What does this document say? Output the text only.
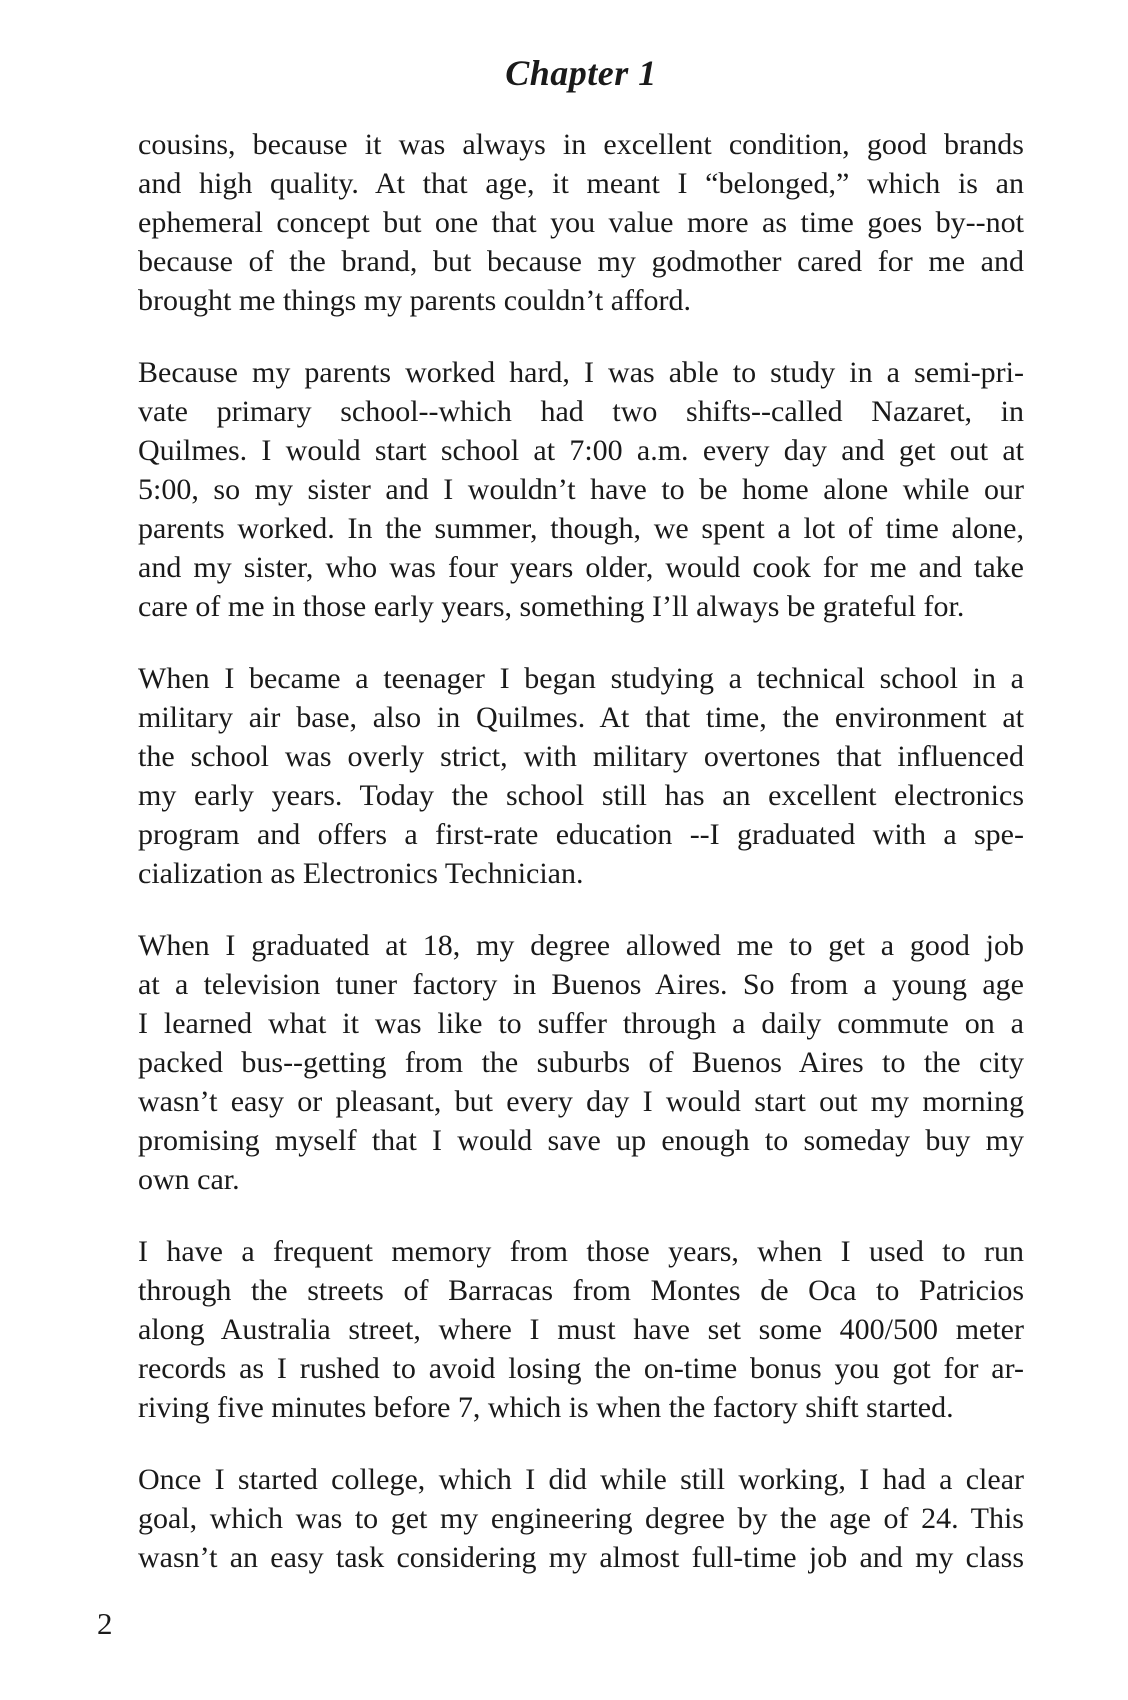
Chapter 1

cousins, because it was always in excellent condition, good brands
and high quality. At that age, it meant I “belonged,” which is an
ephemeral concept but one that you value more as time goes by--not
because of the brand, but because my godmother cared for me and
brought me things my parents couldn’t afford.

Because my parents worked hard, I was able to study in a semi-pri-
vate primary school--which had two shifts--called Nazaret, in
Quilmes. I would start school at 7:00 a.m. every day and get out at
5:00, so my sister and I wouldn’t have to be home alone while our
parents worked. In the summer, though, we spent a lot of time alone,
and my sister, who was four years older, would cook for me and take
care of me in those early years, something I’ll always be grateful for.

When I became a teenager I began studying a technical school in a
military air base, also in Quilmes. At that time, the environment at
the school was overly strict, with military overtones that influenced
my early years. Today the school still has an excellent electronics
program and offers a first-rate education --I graduated with a spe-
cialization as Electronics Technician.

When I graduated at 18, my degree allowed me to get a good job
at a television tuner factory in Buenos Aires. So from a young age
I learned what it was like to suffer through a daily commute on a
packed bus--getting from the suburbs of Buenos Aires to the city
wasn’t easy or pleasant, but every day I would start out my morning
promising myself that I would save up enough to someday buy my
own car.

I have a frequent memory from those years, when I used to run
through the streets of Barracas from Montes de Oca to Patricios
along Australia street, where I must have set some 400/500 meter
records as I rushed to avoid losing the on-time bonus you got for ar-
riving five minutes before 7, which is when the factory shift started.

Once I started college, which I did while still working, I had a clear
goal, which was to get my engineering degree by the age of 24. This
wasn’t an easy task considering my almost full-time job and my class

2
